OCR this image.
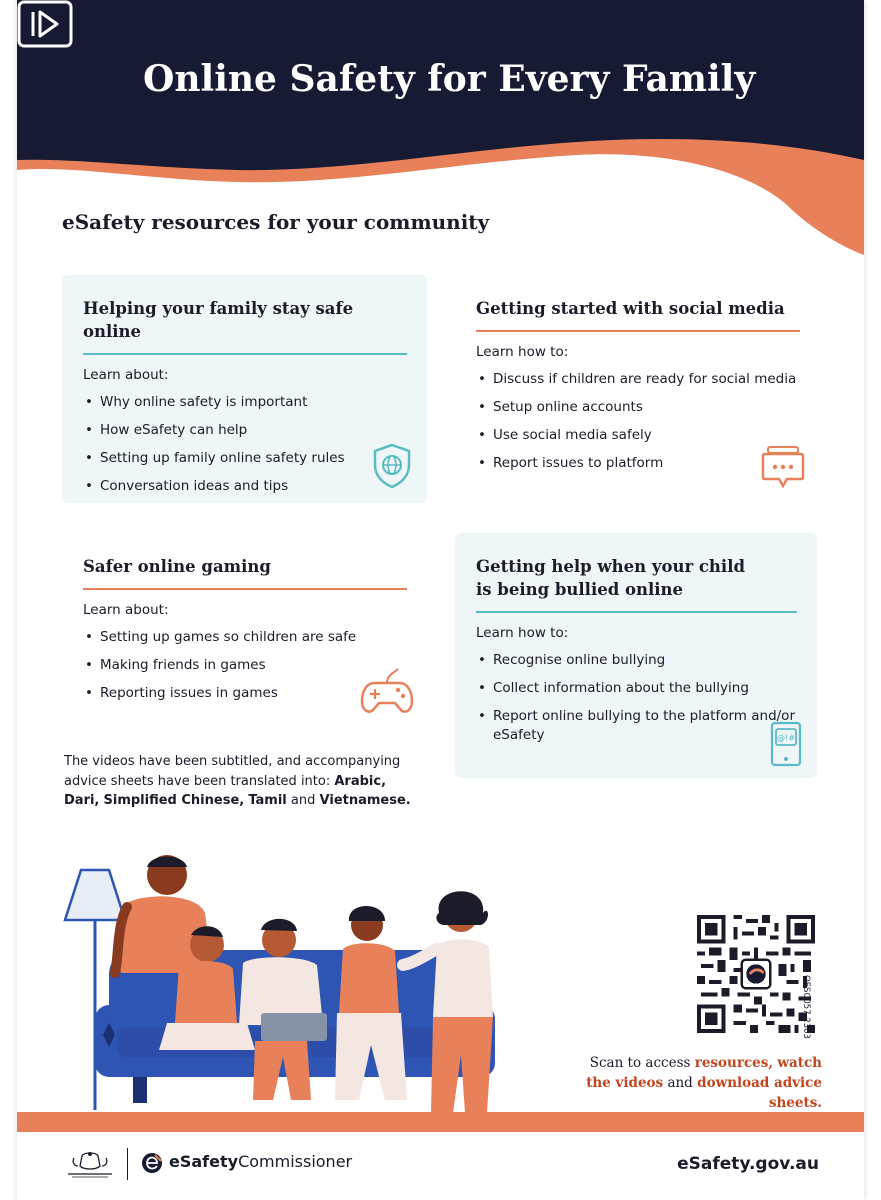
Online Safety for Every Family
eSafety resources for your community
Helping your family stay safe online

Learn about:

• Why online safety is important
• How eSafety can help
• Setting up family online safety rules
• Conversation ideas and tips
Getting started with social media

Learn how to:

• Discuss if children are ready for social media
• Setup online accounts
• Use social media safely
• Report issues to platform
Safer online gaming

Learn about:

• Setting up games so children are safe
• Making friends in games
• Reporting issues in games
Getting help when your child
is being bullied online

Learn how to:

• Recognise online bullying
• Collect information about the bullying
• Report online bullying to the platform and/or eSafety	@!#

The videos have been subtitled, and accompanying advice sheets have been translated into: Arabic, Dari, Simplified Chinese, Tamil and Vietnamese.

OESC057.2303

Scan to access resources, watch the videos and download advice sheets.

eSafetyCommissioner	eSafety.gov.au
